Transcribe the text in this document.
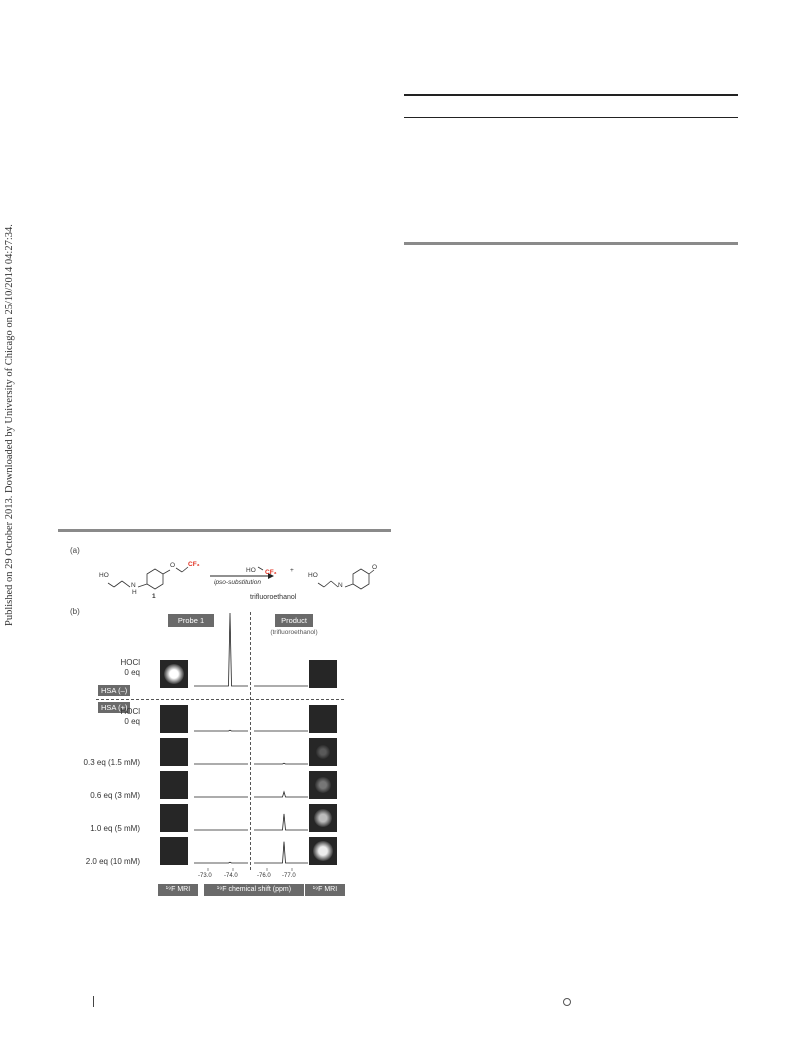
Published on 29 October 2013. Downloaded by University of Chicago on 25/10/2014 04:27:34.	(a)
HO
N
H
O CF₃
1
ipso-substitution
HO CF₃
trifluoroethanol
+
HO
N
O
(b)
Probe 1	Product
(trifluoroethanol)
HSA (–)
HSA (+)
HOCl
0 eq
HOCl
0 eq
0.3 eq (1.5 mM)
0.6 eq (3 mM)
1.0 eq (5 mM)
2.0 eq (10 mM)
-73.0 -74.0	-76.0 -77.0
¹⁹F MRI	¹⁹F chemical shift (ppm)	¹⁹F MRI
